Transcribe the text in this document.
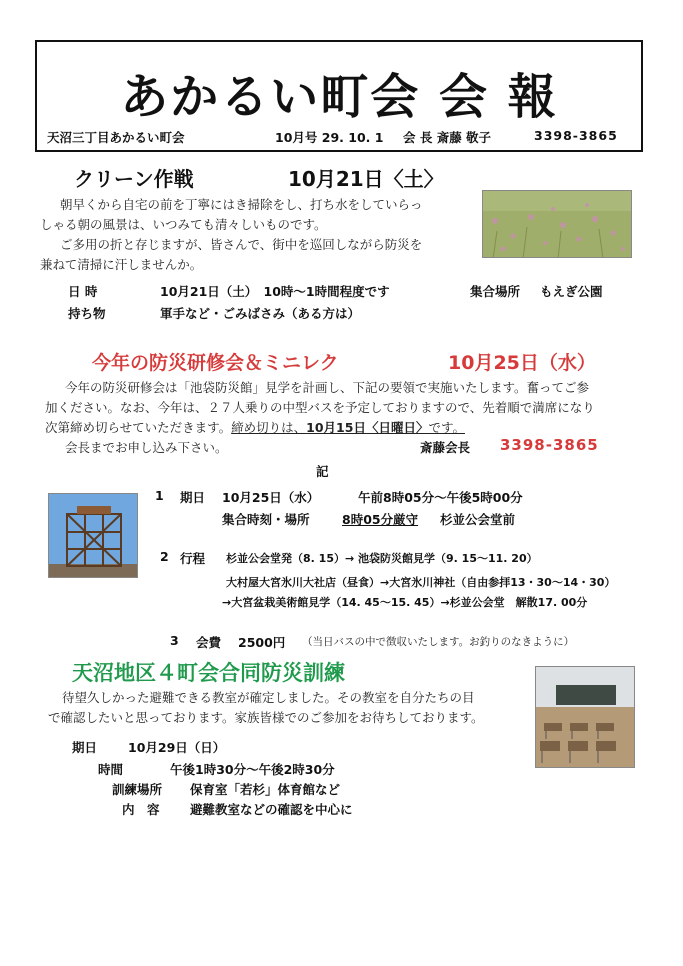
あかるい町会 会 報
天沼三丁目あかるい町会	10月号 29. 10. 1 会 長 斎藤 敬子	3398-3865
クリーン作戦	10月21日〈土〉

朝早くから自宅の前を丁寧にはき掃除をし、打ち水をしていらっ

しゃる朝の風景は、いつみても清々しいものです。

ご多用の折と存じますが、皆さんで、街中を巡回しながら防災を

兼ねて清掃に汗しませんか。

日 時	10月21日（土）　10時～1時間程度です	集合場所 もえぎ公園
持ち物	軍手など・ごみばさみ（ある方は）
今年の防災研修会＆ミニレク	10月25日（水）

今年の防災研修会は「池袋防災館」見学を計画し、下記の要領で実施いたします。奮ってご参

加ください。なお、今年は、２７人乗りの中型バスを予定しておりますので、先着順で満席になり

次第締め切らせていただきます。締め切りは、10月15日〈日曜日〉です。

会長までお申し込み下さい。	斎藤会長 3398-3865
記
1 期日 10月25日（水）	午前8時05分～午後5時00分
集合時刻・場所	8時05分厳守 杉並公会堂前
2 行程 杉並公会堂発（8. 15）→ 池袋防災館見学（9. 15～11. 20）
大村屋大宮氷川大社店（昼食）→大宮氷川神社（自由参拝13・30～14・30）
→大宮盆栽美術館見学（14. 45～15. 45）→杉並公会堂　解散17. 00分
3 会費 2500円 （当日バスの中で徴収いたします。お釣りのなきように）
天沼地区４町会合同防災訓練

待望久しかった避難できる教室が確定しました。その教室を自分たちの目

で確認したいと思っております。家族皆様でのご参加をお待ちしております。

期日 10月29日（日）
時間	午後1時30分～午後2時30分
訓練場所 保育室「若杉」体育館など
内　容 避難教室などの確認を中心に
